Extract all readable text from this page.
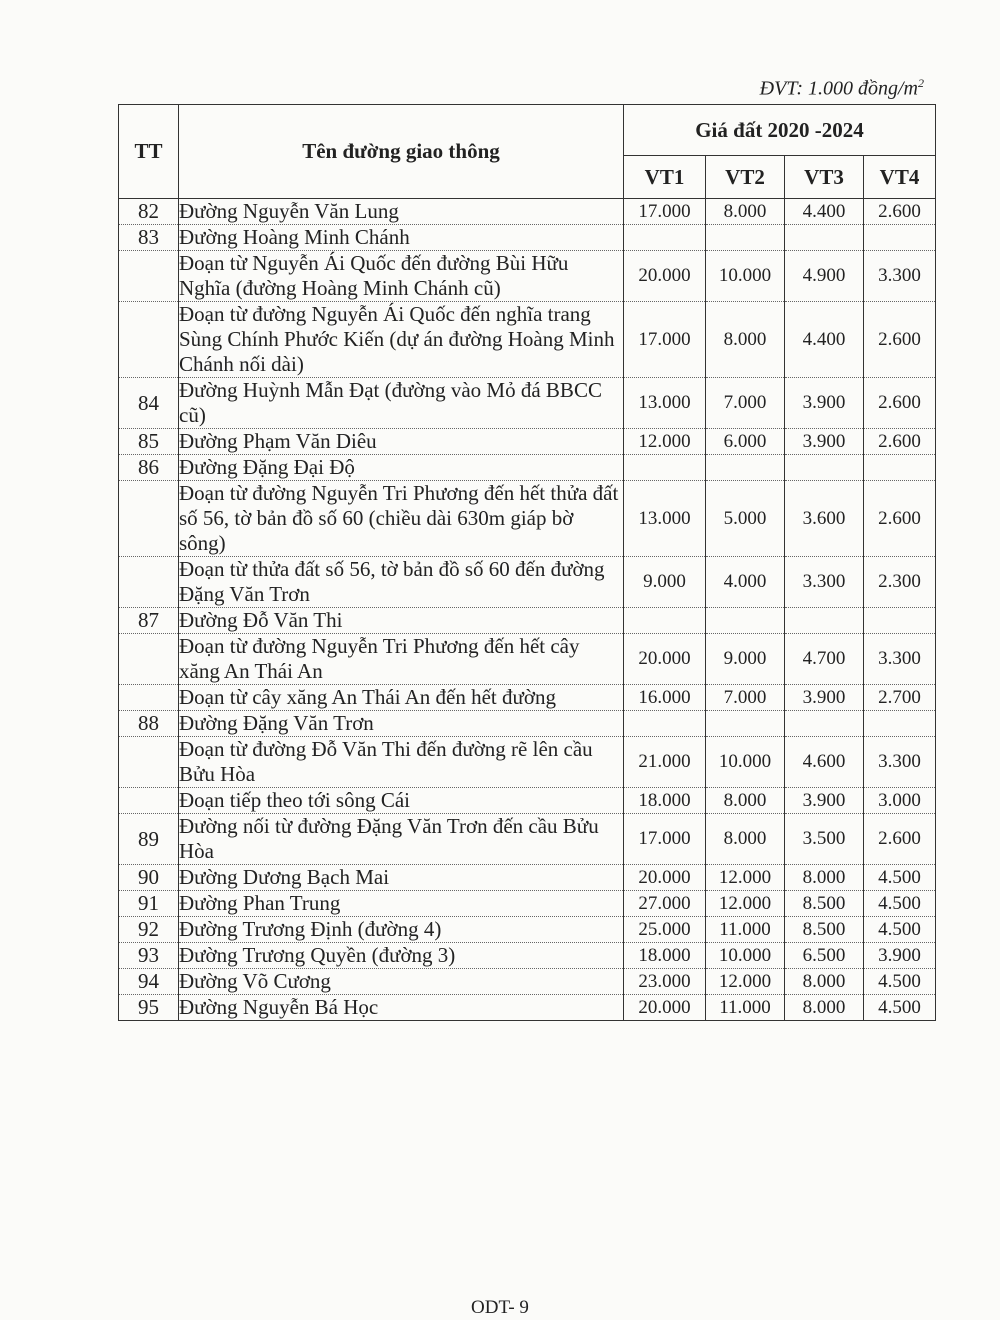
ĐVT: 1.000 đồng/$m^2$
TT	Tên đường giao thông	Giá đất 2020 -2024			
		VT1	VT2	VT3	VT4
82	Đường Nguyễn Văn Lung	17.000	8.000	4.400	2.600
83	Đường Hoàng Minh Chánh				
	Đoạn từ Nguyễn Ái Quốc đến đường Bùi Hữu Nghĩa (đường Hoàng Minh Chánh cũ)	20.000	10.000	4.900	3.300
	Đoạn từ đường Nguyễn Ái Quốc đến nghĩa trang Sùng Chính Phước Kiến (dự án đường Hoàng Minh Chánh nối dài)	17.000	8.000	4.400	2.600
84	Đường Huỳnh Mẫn Đạt (đường vào Mỏ đá BBCC cũ)	13.000	7.000	3.900	2.600
85	Đường Phạm Văn Diêu	12.000	6.000	3.900	2.600
86	Đường Đặng Đại Độ				
	Đoạn từ đường Nguyễn Tri Phương đến hết thửa đất số 56, tờ bản đồ số 60 (chiều dài 630m giáp bờ sông)	13.000	5.000	3.600	2.600
	Đoạn từ thửa đất số 56, tờ bản đồ số 60 đến đường Đặng Văn Trơn	9.000	4.000	3.300	2.300
87	Đường Đỗ Văn Thi				
	Đoạn từ đường Nguyễn Tri Phương đến hết cây xăng An Thái An	20.000	9.000	4.700	3.300
	Đoạn từ cây xăng An Thái An đến hết đường	16.000	7.000	3.900	2.700
88	Đường Đặng Văn Trơn				
	Đoạn từ đường Đỗ Văn Thi đến đường rẽ lên cầu Bửu Hòa	21.000	10.000	4.600	3.300
	Đoạn tiếp theo tới sông Cái	18.000	8.000	3.900	3.000
89	Đường nối từ đường Đặng Văn Trơn đến cầu Bửu Hòa	17.000	8.000	3.500	2.600
90	Đường Dương Bạch Mai	20.000	12.000	8.000	4.500
91	Đường Phan Trung	27.000	12.000	8.500	4.500
92	Đường Trương Định (đường 4)	25.000	11.000	8.500	4.500
93	Đường Trương Quyền (đường 3)	18.000	10.000	6.500	3.900
94	Đường Võ Cương	23.000	12.000	8.000	4.500
95	Đường Nguyễn Bá Học	20.000	11.000	8.000	4.500
ODT- 9
